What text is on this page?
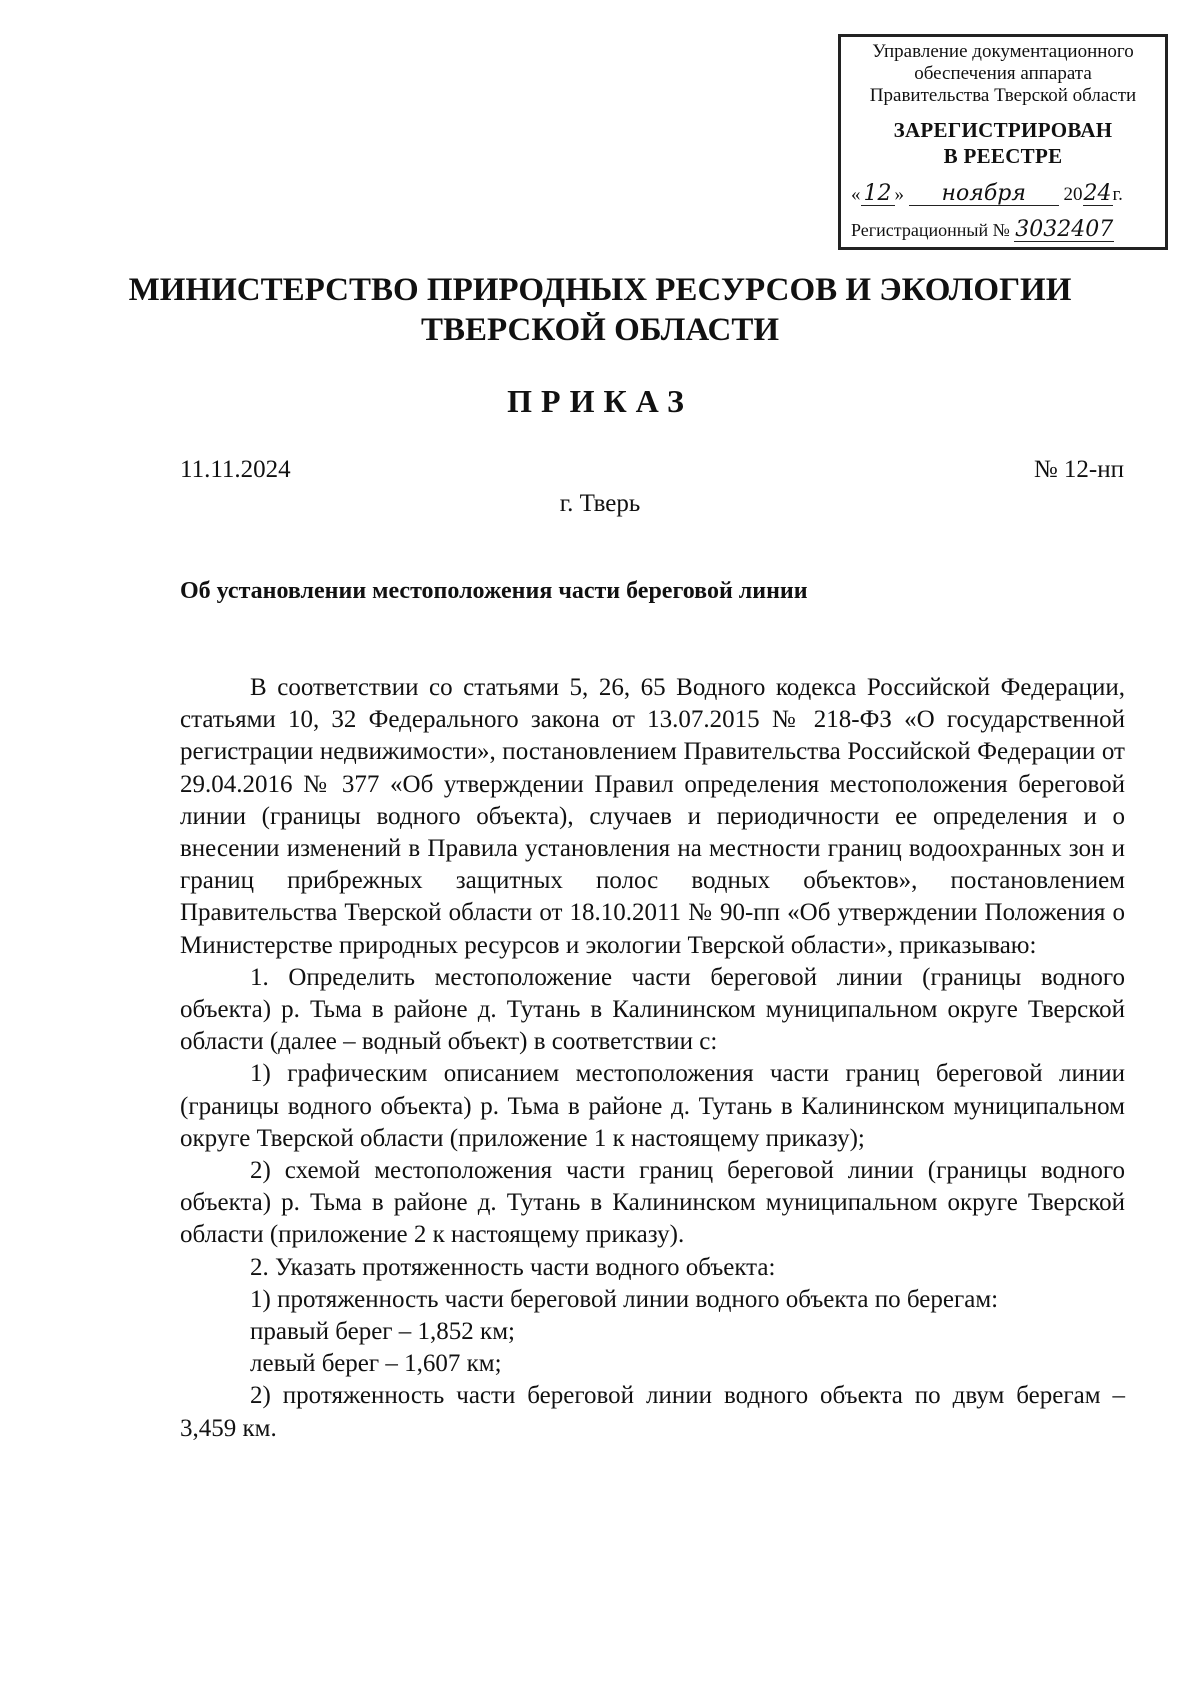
Управление документационного
обеспечения аппарата
Правительства Тверской области
ЗАРЕГИСТРИРОВАН
В РЕЕСТРЕ
« 12 » ноября 2024г.
Регистрационный № 3032407
МИНИСТЕРСТВО ПРИРОДНЫХ РЕСУРСОВ И ЭКОЛОГИИ
ТВЕРСКОЙ ОБЛАСТИ
ПРИКАЗ
11.11.2024	№ 12-нп
г. Тверь
Об установлении местоположения части береговой линии

В соответствии со статьями 5, 26, 65 Водного кодекса Российской Федерации, статьями 10, 32 Федерального закона от 13.07.2015 № 218-ФЗ «О государственной регистрации недвижимости», постановлением Правительства Российской Федерации от 29.04.2016 № 377 «Об утверждении Правил определения местоположения береговой линии (границы водного объекта), случаев и периодичности ее определения и о внесении изменений в Правила установления на местности границ водоохранных зон и границ прибрежных защитных полос водных объектов», постановлением Правительства Тверской области от 18.10.2011 № 90-пп «Об утверждении Положения о Министерстве природных ресурсов и экологии Тверской области», приказываю:

1. Определить местоположение части береговой линии (границы водного объекта) р. Тьма в районе д. Тутань в Калининском муниципальном округе Тверской области (далее – водный объект) в соответствии с:

1) графическим описанием местоположения части границ береговой линии (границы водного объекта) р. Тьма в районе д. Тутань в Калининском муниципальном округе Тверской области (приложение 1 к настоящему приказу);

2) схемой местоположения части границ береговой линии (границы водного объекта) р. Тьма в районе д. Тутань в Калининском муниципальном округе Тверской области (приложение 2 к настоящему приказу).

2. Указать протяженность части водного объекта:

1) протяженность части береговой линии водного объекта по берегам:

правый берег – 1,852 км;

левый берег – 1,607 км;

2) протяженность части береговой линии водного объекта по двум берегам – 3,459 км.
